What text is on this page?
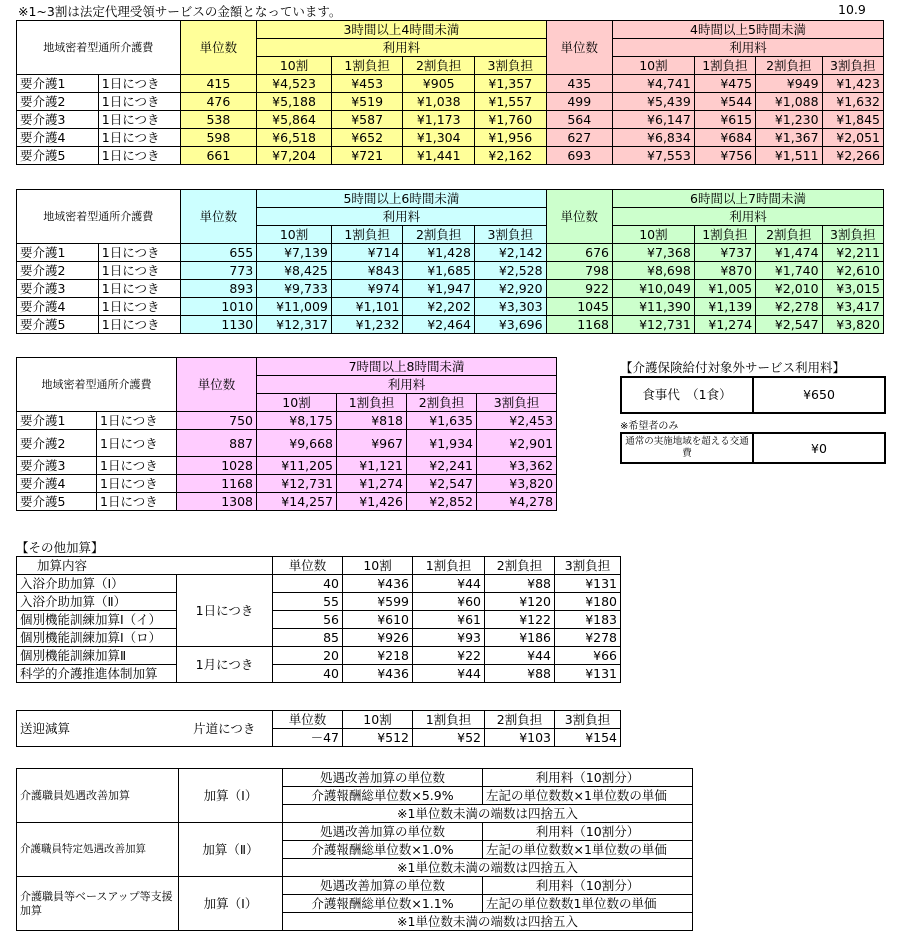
※1~3割は法定代理受領サービスの金額となっています。	10.9
地域密着型通所介護費		単位数	3時間以上4時間未満				単位数	4時間以上5時間未満			
			利用料					利用料			
			10割	1割負担	2割負担	3割負担		10割	1割負担	2割負担	3割負担
要介護1	1日につき	415	¥4,523	¥453	¥905	¥1,357	435	¥4,741	¥475	¥949	¥1,423
要介護2	1日につき	476	¥5,188	¥519	¥1,038	¥1,557	499	¥5,439	¥544	¥1,088	¥1,632
要介護3	1日につき	538	¥5,864	¥587	¥1,173	¥1,760	564	¥6,147	¥615	¥1,230	¥1,845
要介護4	1日につき	598	¥6,518	¥652	¥1,304	¥1,956	627	¥6,834	¥684	¥1,367	¥2,051
要介護5	1日につき	661	¥7,204	¥721	¥1,441	¥2,162	693	¥7,553	¥756	¥1,511	¥2,266
地域密着型通所介護費		単位数	5時間以上6時間未満				単位数	6時間以上7時間未満			
			利用料					利用料			
			10割	1割負担	2割負担	3割負担		10割	1割負担	2割負担	3割負担
要介護1	1日につき	655	¥7,139	¥714	¥1,428	¥2,142	676	¥7,368	¥737	¥1,474	¥2,211
要介護2	1日につき	773	¥8,425	¥843	¥1,685	¥2,528	798	¥8,698	¥870	¥1,740	¥2,610
要介護3	1日につき	893	¥9,733	¥974	¥1,947	¥2,920	922	¥10,049	¥1,005	¥2,010	¥3,015
要介護4	1日につき	1010	¥11,009	¥1,101	¥2,202	¥3,303	1045	¥11,390	¥1,139	¥2,278	¥3,417
要介護5	1日につき	1130	¥12,317	¥1,232	¥2,464	¥3,696	1168	¥12,731	¥1,274	¥2,547	¥3,820
地域密着型通所介護費		単位数	7時間以上8時間未満			
			利用料			
			10割	1割負担	2割負担	3割負担
要介護1	1日につき	750	¥8,175	¥818	¥1,635	¥2,453
要介護2	1日につき	887	¥9,668	¥967	¥1,934	¥2,901
要介護3	1日につき	1028	¥11,205	¥1,121	¥2,241	¥3,362
要介護4	1日につき	1168	¥12,731	¥1,274	¥2,547	¥3,820
要介護5	1日につき	1308	¥14,257	¥1,426	¥2,852	¥4,278
【介護保険給付対象外サービス利用料】
食事代　（1食）	¥650
※希望者のみ
通常の実施地域を超える交通費	¥0
【その他加算】
加算内容		単位数	10割	1割負担	2割負担	3割負担
入浴介助加算（Ⅰ）	1日につき	40	¥436	¥44	¥88	¥131
入浴介助加算（Ⅱ）		55	¥599	¥60	¥120	¥180
個別機能訓練加算Ⅰ（イ）		56	¥610	¥61	¥122	¥183
個別機能訓練加算Ⅰ（ロ）		85	¥926	¥93	¥186	¥278
個別機能訓練加算Ⅱ	1月につき	20	¥218	¥22	¥44	¥66
科学的介護推進体制加算		40	¥436	¥44	¥88	¥131
送迎減算	片道につき	単位数	10割	1割負担	2割負担	3割負担
		－47	¥512	¥52	¥103	¥154
介護職員処遇改善加算	加算（Ⅰ）	処遇改善加算の単位数	利用料（10割分）
		介護報酬総単位数×5.9%	左記の単位数数×1単位数の単価
		※1単位数未満の端数は四捨五入	
介護職員特定処遇改善加算	加算（Ⅱ）	処遇改善加算の単位数	利用料（10割分）
		介護報酬総単位数×1.0%	左記の単位数数×1単位数の単価
		※1単位数未満の端数は四捨五入	
介護職員等ベースアップ等支援加算	加算（Ⅰ）	処遇改善加算の単位数	利用料（10割分）
		介護報酬総単位数×1.1%	左記の単位数数1単位数の単価
		※1単位数未満の端数は四捨五入	
